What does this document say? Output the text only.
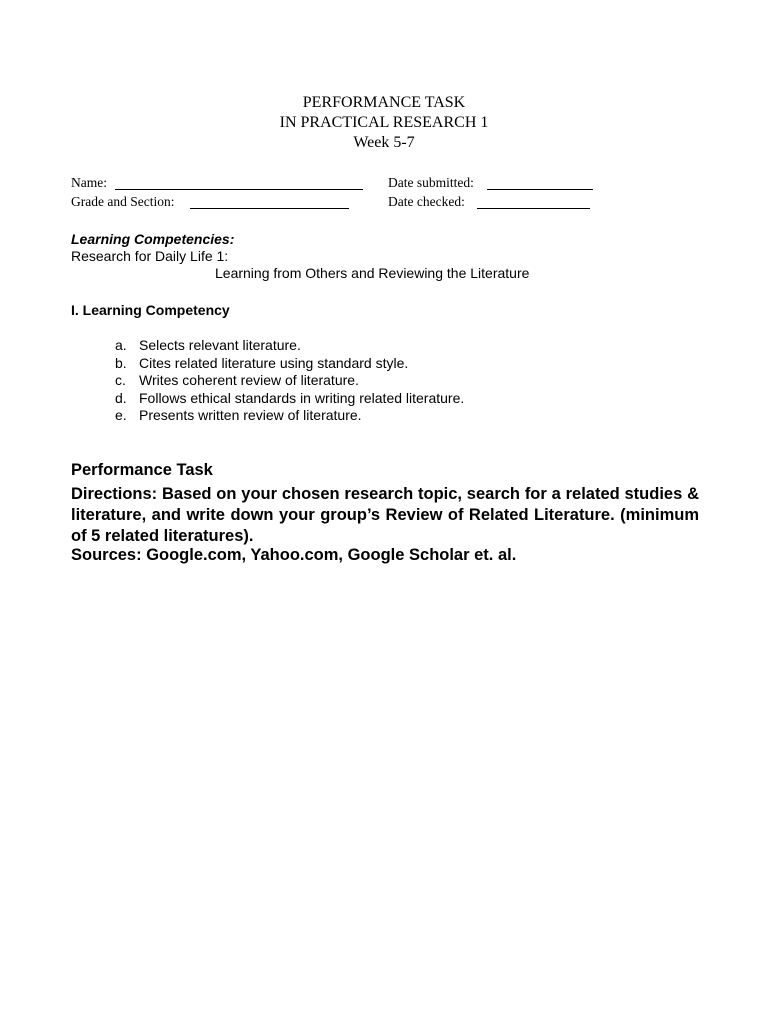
PERFORMANCE TASK
IN PRACTICAL RESEARCH 1
Week 5-7
Name:	Date submitted:
Grade and Section:	Date checked:
Learning Competencies:
Research for Daily Life 1:
Learning from Others and Reviewing the Literature
I. Learning Competency
a. Selects relevant literature.
b. Cites related literature using standard style.
c. Writes coherent review of literature.
d. Follows ethical standards in writing related literature.
e. Presents written review of literature.
Performance Task
Directions: Based on your chosen research topic, search for a related studies & literature, and write down your group’s Review of Related Literature. (minimum of 5 related literatures).
Sources: Google.com, Yahoo.com, Google Scholar et. al.
